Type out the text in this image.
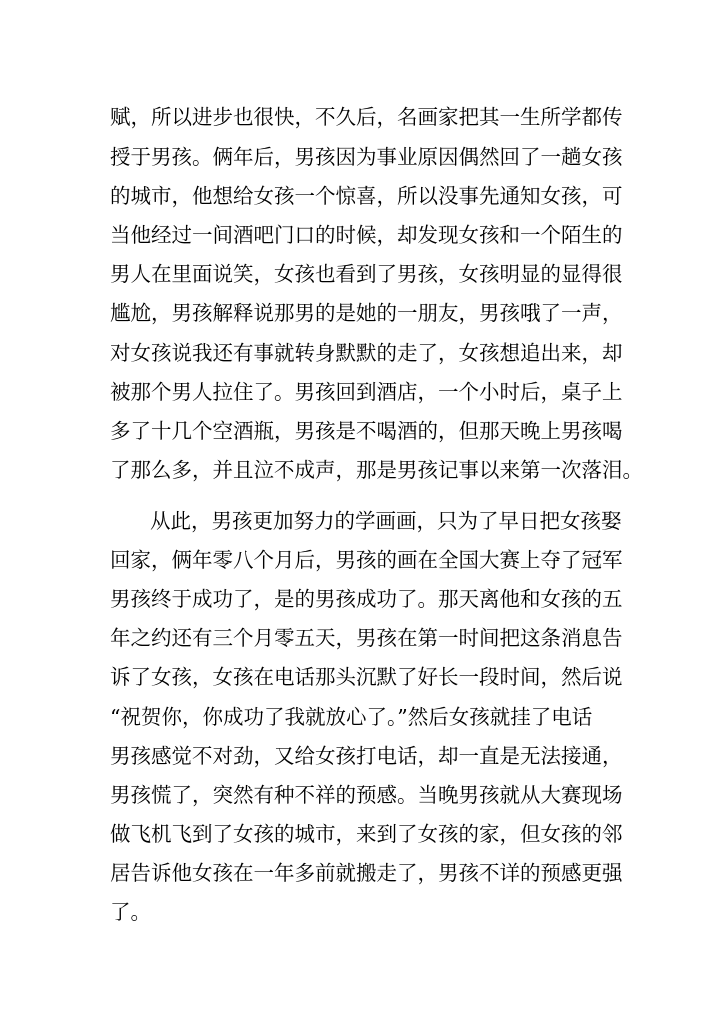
赋，所以进步也很快，不久后，名画家把其一生所学都传
授于男孩。俩年后，男孩因为事业原因偶然回了一趟女孩
的城市，他想给女孩一个惊喜，所以没事先通知女孩，可
当他经过一间酒吧门口的时候，却发现女孩和一个陌生的
男人在里面说笑，女孩也看到了男孩，女孩明显的显得很
尴尬，男孩解释说那男的是她的一朋友，男孩哦了一声，
对女孩说我还有事就转身默默的走了，女孩想追出来，却
被那个男人拉住了。男孩回到酒店，一个小时后，桌子上
多了十几个空酒瓶，男孩是不喝酒的，但那天晚上男孩喝
了那么多，并且泣不成声，那是男孩记事以来第一次落泪。
从此，男孩更加努力的学画画，只为了早日把女孩娶
回家，俩年零八个月后，男孩的画在全国大赛上夺了冠军
男孩终于成功了，是的男孩成功了。那天离他和女孩的五
年之约还有三个月零五天，男孩在第一时间把这条消息告
诉了女孩，女孩在电话那头沉默了好长一段时间，然后说
“祝贺你，你成功了我就放心了。”然后女孩就挂了电话
男孩感觉不对劲，又给女孩打电话，却一直是无法接通，
男孩慌了，突然有种不祥的预感。当晚男孩就从大赛现场
做飞机飞到了女孩的城市，来到了女孩的家，但女孩的邻
居告诉他女孩在一年多前就搬走了，男孩不详的预感更强
了。
